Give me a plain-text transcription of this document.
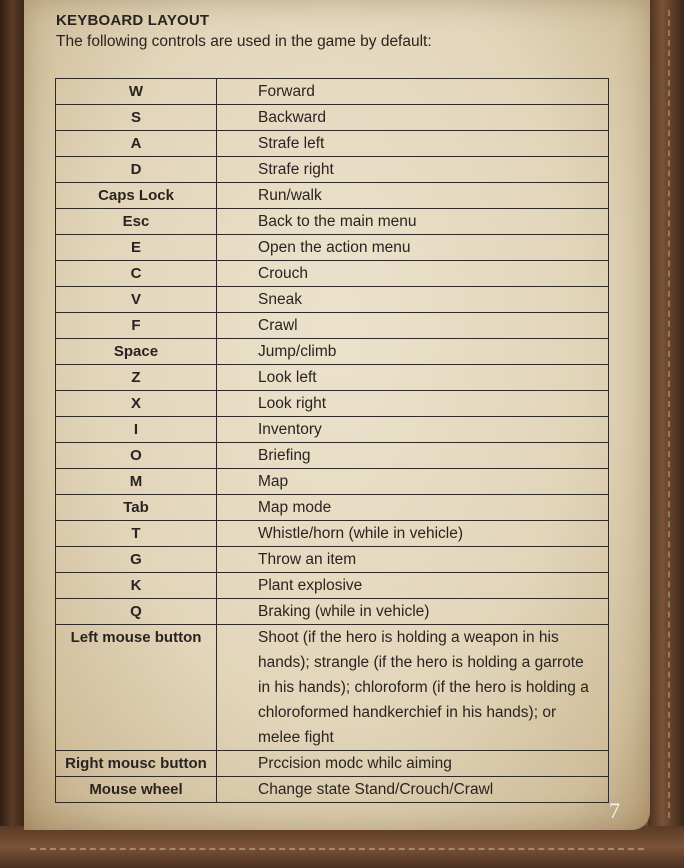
KEYBOARD LAYOUT
The following controls are used in the game by default:
W	Forward
S	Backward
A	Strafe left
D	Strafe right
Caps Lock	Run/walk
Esc	Back to the main menu
E	Open the action menu
C	Crouch
V	Sneak
F	Crawl
Space	Jump/climb
Z	Look left
X	Look right
I	Inventory
O	Briefing
M	Map
Tab	Map mode
T	Whistle/horn (while in vehicle)
G	Throw an item
K	Plant explosive
Q	Braking (while in vehicle)
Left mouse button	Shoot (if the hero is holding a weapon in his hands); strangle (if the hero is holding a garrote in his hands); chloroform (if the hero is holding a chloroformed handkerchief in his hands); or melee fight
Right mousc button	Prccision modc whilc aiming
Mouse wheel	Change state Stand/Crouch/Crawl
7
